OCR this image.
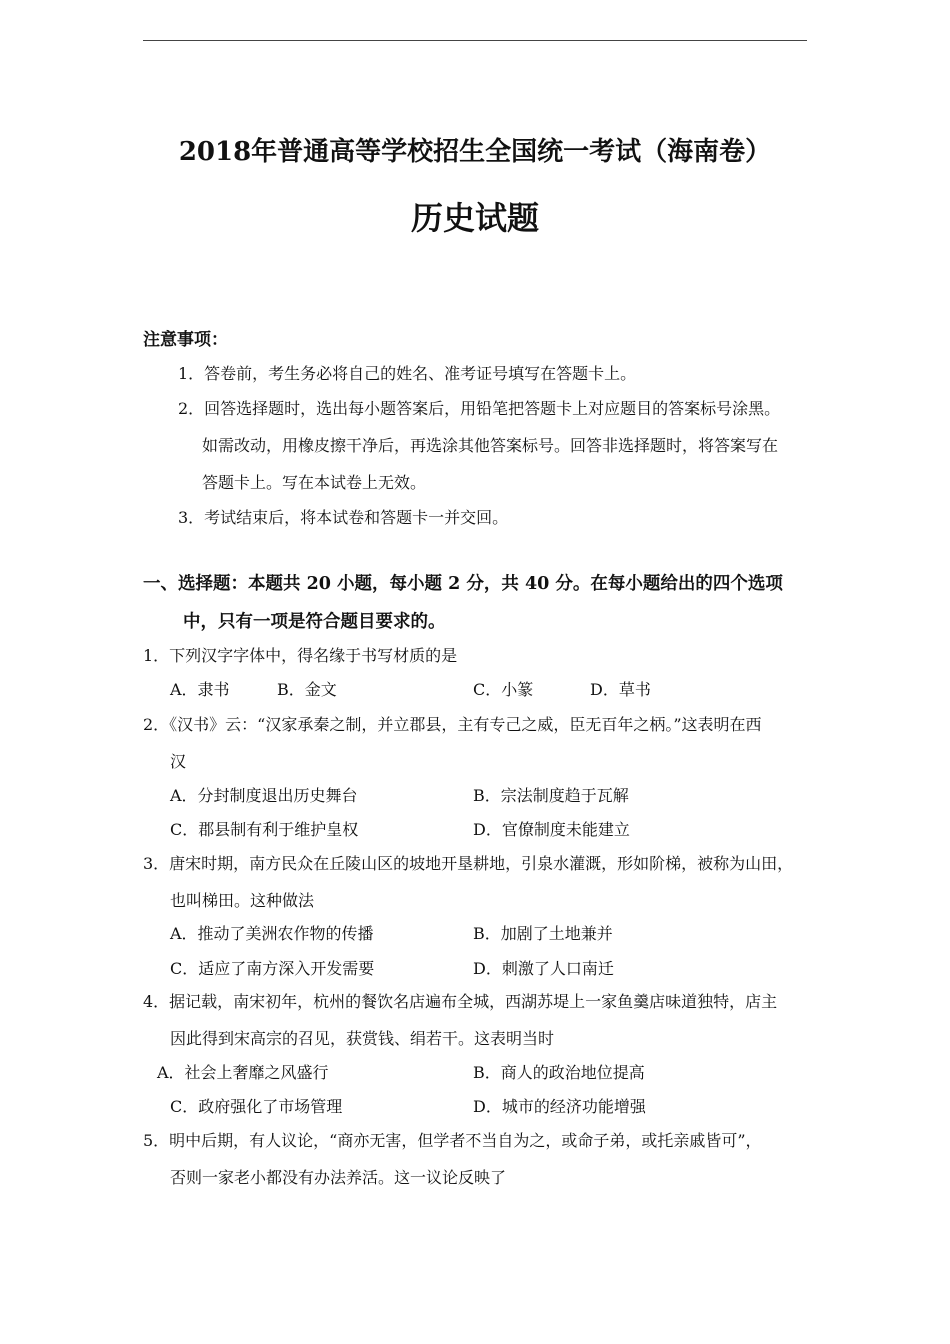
2018年普通高等学校招生全国统一考试（海南卷）
历史试题
注意事项：
1．答卷前，考生务必将自己的姓名、准考证号填写在答题卡上。
2．回答选择题时，选出每小题答案后，用铅笔把答题卡上对应题目的答案标号涂黑。
如需改动，用橡皮擦干净后，再选涂其他答案标号。回答非选择题时，将答案写在
答题卡上。写在本试卷上无效。
3．考试结束后，将本试卷和答题卡一并交回。
一、选择题：本题共 20 小题，每小题 2 分，共 40 分。在每小题给出的四个选项
中，只有一项是符合题目要求的。
1．下列汉字字体中，得名缘于书写材质的是
A．隶书	B．金文	C．小篆	D．草书
2．《汉书》云：“汉家承秦之制，并立郡县，主有专己之威，臣无百年之柄。”这表明在西
汉
A．分封制度退出历史舞台	B．宗法制度趋于瓦解
C．郡县制有利于维护皇权	D．官僚制度未能建立
3．唐宋时期，南方民众在丘陵山区的坡地开垦耕地，引泉水灌溉，形如阶梯，被称为山田，
也叫梯田。这种做法
A．推动了美洲农作物的传播	B．加剧了土地兼并
C．适应了南方深入开发需要	D．刺激了人口南迁
4．据记载，南宋初年，杭州的餐饮名店遍布全城，西湖苏堤上一家鱼羹店味道独特，店主
因此得到宋高宗的召见，获赏钱、绢若干。这表明当时
A．社会上奢靡之风盛行	B．商人的政治地位提高
C．政府强化了市场管理	D．城市的经济功能增强
5．明中后期，有人议论，“商亦无害，但学者不当自为之，或命子弟，或托亲戚皆可”，
否则一家老小都没有办法养活。这一议论反映了
